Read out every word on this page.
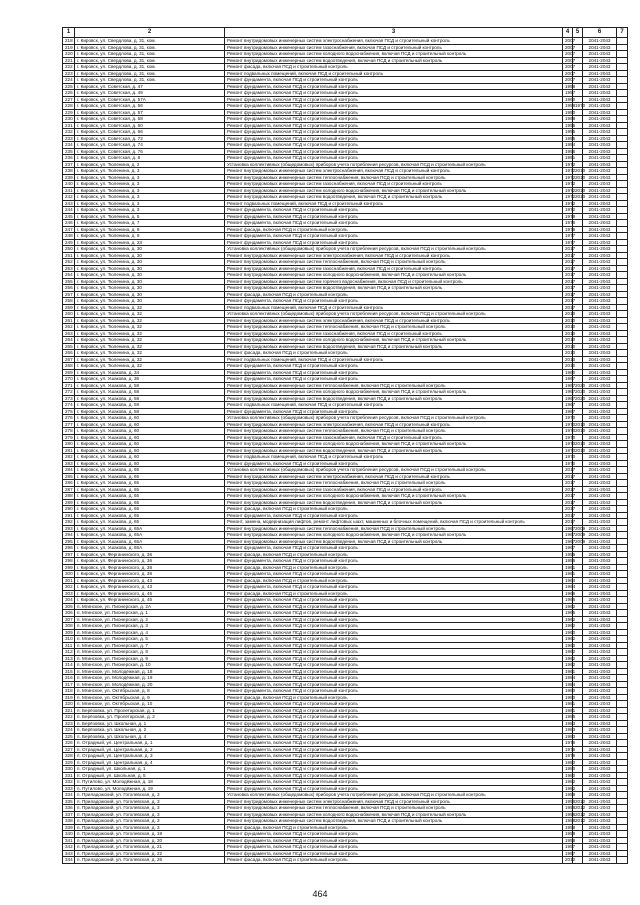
1	2	3	4	5	6	7
218	г. Кировск, ул. Свердлова, д. 31, ком.	Ремонт внутридомовых инженерных систем электроснабжения, включая ПСД и строительный контроль	2007		2041-2043	
219	г. Кировск, ул. Свердлова, д. 31, ком.	Ремонт внутридомовых инженерных систем газоснабжения, включая ПСД и строительный контроль	2007		2041-2043	
220	г. Кировск, ул. Свердлова, д. 31, ком.	Ремонт внутридомовых инженерных систем холодного водоснабжения, включая ПСД и строительный контроль	2007		2041-2043	
221	г. Кировск, ул. Свердлова, д. 31, ком.	Ремонт внутридомовых инженерных систем водоотведения, включая ПСД и строительный контроль	2007		2041-2043	
222	г. Кировск, ул. Свердлова, д. 31, ком.	Ремонт фасада, включая ПСД и строительный контроль	2007		2041-2043	
223	г. Кировск, ул. Свердлова, д. 31, ком.	Ремонт подвальных помещений, включая ПСД и строительный контроль	2007		2041-2043	
224	г. Кировск, ул. Свердлова, д. 31, ком.	Ремонт фундамента, включая ПСД и строительный контроль	2007		2041-2043	
225	г. Кировск, ул. Советская, д. 47	Ремонт фундамента, включая ПСД и строительный контроль	1958		2041-2043	
226	г. Кировск, ул. Советская, д. 49	Ремонт фундамента, включая ПСД и строительный контроль	1957		2041-2043	
227	г. Кировск, ул. Советская, д. 57А	Ремонт фундамента, включая ПСД и строительный контроль	1960		2041-2043	
228	г. Кировск, ул. Советская, д. 56	Ремонт фундамента, включая ПСД и строительный контроль	1958	1970	2041-2043	
229	г. Кировск, ул. Советская, д. 57	Ремонт фундамента, включая ПСД и строительный контроль	1950		2041-2043	
230	г. Кировск, ул. Советская, д. 58	Ремонт фундамента, включая ПСД и строительный контроль	1968		2041-2043	
231	г. Кировск, ул. Советская, д. 60	Ремонт фундамента, включая ПСД и строительный контроль	1955		2041-2043	
232	г. Кировск, ул. Советская, д. 66	Ремонт фундамента, включая ПСД и строительный контроль	1955		2041-2043	
233	г. Кировск, ул. Советская, д. 72	Ремонт фундамента, включая ПСД и строительный контроль	1955		2041-2043	
234	г. Кировск, ул. Советская, д. 74	Ремонт фундамента, включая ПСД и строительный контроль	1954		2041-2043	
235	г. Кировск, ул. Советская, д. 76	Ремонт фундамента, включая ПСД и строительный контроль	1956		2041-2043	
236	г. Кировск, ул. Советская, д. 8	Ремонт фундамента, включая ПСД и строительный контроль	1951		2041-2043	
237	г. Кировск, ул. Тюленина, д. 2	Установка коллективных (общедомовых) приборов учета потребления ресурсов, включая ПСД и строительный контроль	1972		2041-2043	
238	г. Кировск, ул. Тюленина, д. 3	Ремонт внутридомовых инженерных систем электроснабжения, включая ПСД и строительный контроль	1972	2010	2041-2043	
239	г. Кировск, ул. Тюленина, д. 3	Ремонт внутридомовых инженерных систем теплоснабжения, включая ПСД и строительный контроль	1972	2010	2041-2043	
240	г. Кировск, ул. Тюленина, д. 3	Ремонт внутридомовых инженерных систем газоснабжения, включая ПСД и строительный контроль	1972		2041-2043	
241	г. Кировск, ул. Тюленина, д. 3	Ремонт внутридомовых инженерных систем холодного водоснабжения, включая ПСД и строительный контроль	1972	2010	2041-2043	
242	г. Кировск, ул. Тюленина, д. 3	Ремонт внутридомовых инженерных систем водоотведения, включая ПСД и строительный контроль	1972	2010	2041-2043	
243	г. Кировск, ул. Тюленина, д. 3	Ремонт подвальных помещений, включая ПСД и строительный контроль	1972		2041-2043	
244	г. Кировск, ул. Тюленина, д. 3	Ремонт фундамента, включая ПСД и строительный контроль	1972		2041-2043	
245	г. Кировск, ул. Тюленина, д. 5	Ремонт фундамента, включая ПСД и строительный контроль	1978		2041-2043	
246	г. Кировск, ул. Тюленина, д. 7	Ремонт фундамента, включая ПСД и строительный контроль	1976		2041-2043	
247	г. Кировск, ул. Тюленина, д. 9	Ремонт фасада, включая ПСД и строительный контроль	1976		2041-2043	
248	г. Кировск, ул. Тюленина, д. 9	Ремонт фундамента, включая ПСД и строительный контроль	1977		2041-2043	
249	г. Кировск, ул. Тюленина, д. 23	Ремонт фундамента, включая ПСД и строительный контроль	1977		2041-2043	
250	г. Кировск, ул. Тюленина, д. 30	Установка коллективных (общедомовых) приборов учета потребления ресурсов, включая ПСД и строительный контроль	2017		2041-2043	
251	г. Кировск, ул. Тюленина, д. 30	Ремонт внутридомовых инженерных систем электроснабжения, включая ПСД и строительный контроль	2017		2041-2043	
252	г. Кировск, ул. Тюленина, д. 30	Ремонт внутридомовых инженерных систем теплоснабжения, включая ПСД и строительный контроль	2017		2041-2043	
253	г. Кировск, ул. Тюленина, д. 30	Ремонт внутридомовых инженерных систем газоснабжения, включая ПСД и строительный контроль	2017		2041-2043	
254	г. Кировск, ул. Тюленина, д. 30	Ремонт внутридомовых инженерных систем холодного водоснабжения, включая ПСД и строительный контроль	2017		2041-2043	
255	г. Кировск, ул. Тюленина, д. 30	Ремонт внутридомовых инженерных систем горячего водоснабжения, включая ПСД и строительный контроль	2017		2041-2043	
256	г. Кировск, ул. Тюленина, д. 30	Ремонт внутридомовых инженерных систем водоотведения, включая ПСД и строительный контроль	2017		2041-2043	
257	г. Кировск, ул. Тюленина, д. 30	Ремонт фасада, включая ПСД и строительный контроль	2017		2041-2043	
258	г. Кировск, ул. Тюленина, д. 30	Ремонт фундамента, включая ПСД и строительный контроль	2017		2041-2043	
259	г. Кировск, ул. Тюленина, д. 32	Ремонт подвальных помещений, включая ПСД и строительный контроль	2017		2041-2043	
260	г. Кировск, ул. Тюленина, д. 32	Установка коллективных (общедомовых) приборов учета потребления ресурсов, включая ПСД и строительный контроль	2010		2041-2043	
261	г. Кировск, ул. Тюленина, д. 32	Ремонт внутридомовых инженерных систем электроснабжения, включая ПСД и строительный контроль	2010		2041-2043	
262	г. Кировск, ул. Тюленина, д. 32	Ремонт внутридомовых инженерных систем теплоснабжения, включая ПСД и строительный контроль	2010		2041-2043	
263	г. Кировск, ул. Тюленина, д. 32	Ремонт внутридомовых инженерных систем газоснабжения, включая ПСД и строительный контроль	2010		2041-2043	
264	г. Кировск, ул. Тюленина, д. 32	Ремонт внутридомовых инженерных систем холодного водоснабжения, включая ПСД и строительный контроль	2010		2041-2043	
265	г. Кировск, ул. Тюленина, д. 32	Ремонт внутридомовых инженерных систем водоотведения, включая ПСД и строительный контроль	2010		2041-2043	
266	г. Кировск, ул. Тюленина, д. 32	Ремонт фасада, включая ПСД и строительный контроль	2010		2041-2043	
267	г. Кировск, ул. Тюленина, д. 32	Ремонт подвальных помещений, включая ПСД и строительный контроль	2010		2041-2043	
268	г. Кировск, ул. Тюленина, д. 32	Ремонт фундамента, включая ПСД и строительный контроль	2010		2041-2043	
269	г. Кировск, ул. Ушакова, д. 34	Ремонт фундамента, включая ПСД и строительный контроль	1960		2041-2043	
270	г. Кировск, ул. Ушакова, д. 36	Ремонт фундамента, включая ПСД и строительный контроль	1967		2041-2043	
271	г. Кировск, ул. Ушакова, д. 58	Ремонт внутридомовых инженерных систем теплоснабжения, включая ПСД и строительный контроль	1967	2020	2041-2043	
272	г. Кировск, ул. Ушакова, д. 58	Ремонт внутридомовых инженерных систем холодного водоснабжения, включая ПСД и строительный контроль	1967	2020	2041-2043	
273	г. Кировск, ул. Ушакова, д. 58	Ремонт внутридомовых инженерных систем водоотведения, включая ПСД и строительный контроль	1967	2020	2041-2043	
274	г. Кировск, ул. Ушакова, д. 58	Ремонт подвальных помещений, включая ПСД и строительный контроль	1967		2041-2043	
275	г. Кировск, ул. Ушакова, д. 58	Ремонт фундамента, включая ПСД и строительный контроль	1967		2041-2043	
276	г. Кировск, ул. Ушакова, д. 60	Установка коллективных (общедомовых) приборов учета потребления ресурсов, включая ПСД и строительный контроль	1970		2041-2043	
277	г. Кировск, ул. Ушакова, д. 60	Ремонт внутридомовых инженерных систем электроснабжения, включая ПСД и строительный контроль	1970	2010	2041-2043	
278	г. Кировск, ул. Ушакова, д. 60	Ремонт внутридомовых инженерных систем теплоснабжения, включая ПСД и строительный контроль	1970	2010	2041-2043	
279	г. Кировск, ул. Ушакова, д. 60	Ремонт внутридомовых инженерных систем газоснабжения, включая ПСД и строительный контроль	1970		2041-2043	
280	г. Кировск, ул. Ушакова, д. 60	Ремонт внутридомовых инженерных систем холодного водоснабжения, включая ПСД и строительный контроль	1970	2010	2041-2043	
281	г. Кировск, ул. Ушакова, д. 60	Ремонт внутридомовых инженерных систем водоотведения, включая ПСД и строительный контроль	1970	2010	2041-2043	
282	г. Кировск, ул. Ушакова, д. 60	Ремонт подвальных помещений, включая ПСД и строительный контроль	1970		2041-2043	
283	г. Кировск, ул. Ушакова, д. 60	Ремонт фундамента, включая ПСД и строительный контроль	1970		2041-2043	
284	г. Кировск, ул. Ушакова, д. 65	Установка коллективных (общедомовых) приборов учета потребления ресурсов, включая ПСД и строительный контроль	2017		2041-2043	
285	г. Кировск, ул. Ушакова, д. 65	Ремонт внутридомовых инженерных систем электроснабжения, включая ПСД и строительный контроль	2017		2041-2043	
286	г. Кировск, ул. Ушакова, д. 65	Ремонт внутридомовых инженерных систем теплоснабжения, включая ПСД и строительный контроль	2017		2041-2043	
287	г. Кировск, ул. Ушакова, д. 65	Ремонт внутридомовых инженерных систем газоснабжения, включая ПСД и строительный контроль	2017		2041-2043	
288	г. Кировск, ул. Ушакова, д. 65	Ремонт внутридомовых инженерных систем холодного водоснабжения, включая ПСД и строительный контроль	2017		2041-2043	
289	г. Кировск, ул. Ушакова, д. 65	Ремонт внутридомовых инженерных систем водоотведения, включая ПСД и строительный контроль	2017		2041-2043	
290	г. Кировск, ул. Ушакова, д. 65	Ремонт фасада, включая ПСД и строительный контроль	2017		2041-2043	
291	г. Кировск, ул. Ушакова, д. 65	Ремонт фундамента, включая ПСД и строительный контроль	2017		2041-2043	
292	г. Кировск, ул. Ушакова, д. 65	Ремонт, замена, модернизация лифтов, ремонт лифтовых шахт, машинных и блочных помещений, включая ПСД и строительный контроль	2017		2041-2043	
293	г. Кировск, ул. Ушакова, д. 65А	Ремонт внутридомовых инженерных систем теплоснабжения, включая ПСД и строительный контроль	1967	2009	2041-2043	
294	г. Кировск, ул. Ушакова, д. 65А	Ремонт внутридомовых инженерных систем холодного водоснабжения, включая ПСД и строительный контроль	1967	2009	2041-2043	
295	г. Кировск, ул. Ушакова, д. 65А	Ремонт внутридомовых инженерных систем водоотведения, включая ПСД и строительный контроль	1967	2009	2041-2043	
296	г. Кировск, ул. Ушакова, д. 65А	Ремонт фундамента, включая ПСД и строительный контроль	1967		2041-2043	
297	г. Кировск, ул. Ферганинского, д. 36	Ремонт фасада, включая ПСД и строительный контроль	1956		2041-2043	
298	г. Кировск, ул. Ферганинского, д. 36	Ремонт фундамента, включая ПСД и строительный контроль	1956		2041-2043	
299	г. Кировск, ул. Ферганинского, д. 38	Ремонт фасада, включая ПСД и строительный контроль	1961		2041-2043	
300	г. Кировск, ул. Ферганинского, д. 38	Ремонт фундамента, включая ПСД и строительный контроль	1961		2041-2043	
301	г. Кировск, ул. Ферганинского, д. 43	Ремонт фасада, включая ПСД и строительный контроль	1964		2041-2043	
302	г. Кировск, ул. Ферганинского, д. 43	Ремонт фундамента, включая ПСД и строительный контроль	1964		2041-2043	
303	г. Кировск, ул. Ферганинского, д. 45	Ремонт фасада, включая ПСД и строительный контроль	1966		2041-2043	
304	г. Кировск, ул. Ферганинского, д. 45	Ремонт фундамента, включая ПСД и строительный контроль	1966		2041-2043	
305	п. Мгинское, ул. Пионерская, д. 2А	Ремонт фундамента, включая ПСД и строительный контроль	1962		2041-2043	
306	п. Мгинское, ул. Пионерская, д. 1	Ремонт фундамента, включая ПСД и строительный контроль	1965		2041-2043	
307	п. Мгинское, ул. Пионерская, д. 2	Ремонт фундамента, включая ПСД и строительный контроль	1962		2041-2043	
308	п. Мгинское, ул. Пионерская, д. 3	Ремонт фундамента, включая ПСД и строительный контроль	1962		2041-2043	
309	п. Мгинское, ул. Пионерская, д. 4	Ремонт фундамента, включая ПСД и строительный контроль	1960		2041-2043	
310	п. Мгинское, ул. Пионерская, д. 5	Ремонт фундамента, включая ПСД и строительный контроль	1962		2041-2043	
311	п. Мгинское, ул. Пионерская, д. 7	Ремонт фундамента, включая ПСД и строительный контроль	1960		2041-2043	
312	п. Мгинское, ул. Пионерская, д. 8	Ремонт фундамента, включая ПСД и строительный контроль	1962		2041-2043	
313	п. Мгинское, ул. Пионерская, д. 9	Ремонт фундамента, включая ПСД и строительный контроль	1962		2041-2043	
314	п. Мгинское, ул. Пионерская, д. 10	Ремонт фундамента, включая ПСД и строительный контроль	1962		2041-2043	
315	п. Мгинское, ул. Молодёжная, д. 18	Ремонт фундамента, включая ПСД и строительный контроль	1961		2041-2043	
316	п. Мгинское, ул. Молодёжная, д. 19	Ремонт фундамента, включая ПСД и строительный контроль	1984		2041-2043	
317	п. Мгинское, ул. Молодёжная, д. 20	Ремонт фундамента, включая ПСД и строительный контроль	1984		2041-2043	
318	п. Мгинское, ул. Октябрьская, д. 8	Ремонт фундамента, включая ПСД и строительный контроль	1980		2041-2043	
319	п. Мгинское, ул. Октябрьская, д. 9	Ремонт фасада, включая ПСД и строительный контроль	1980		2041-2043	
320	п. Мгинское, ул. Октябрьская, д. 10	Ремонт фундамента, включая ПСД и строительный контроль	1981		2041-2043	
321	п. Берёзовка, ул. Пролетарская, д. 1	Ремонт фундамента, включая ПСД и строительный контроль	1981		2041-2043	
322	п. Берёзовка, ул. Пролетарская, д. 2	Ремонт фундамента, включая ПСД и строительный контроль	1985		2041-2043	
323	п. Берёзовка, ул. Школьная, д. 1	Ремонт фундамента, включая ПСД и строительный контроль	1983		2041-2043	
324	п. Берёзовка, ул. Школьная, д. 2	Ремонт фундамента, включая ПСД и строительный контроль	1983		2041-2043	
325	п. Берёзовка, ул. Школьная, д. 4	Ремонт фундамента, включая ПСД и строительный контроль	1983		2041-2043	
326	п. Отрадный, ул. Центральная, д. 1	Ремонт фундамента, включая ПСД и строительный контроль	1976		2041-2043	
327	п. Отрадный, ул. Центральная, д. 2	Ремонт фундамента, включая ПСД и строительный контроль	1976		2041-2043	
328	п. Отрадный, ул. Центральная, д. 3	Ремонт фундамента, включая ПСД и строительный контроль	1979		2041-2043	
329	п. Отрадный, ул. Центральная, д. 4	Ремонт фундамента, включая ПСД и строительный контроль	1980		2041-2043	
330	п. Отрадный, ул. Школьная, д. 1	Ремонт фундамента, включая ПСД и строительный контроль	1980		2041-2043	
331	п. Отрадный, ул. Школьная, д. 5	Ремонт фундамента, включая ПСД и строительный контроль	1980		2041-2043	
332	п. Путилово, ул. Молодёжная, д. 18	Ремонт фундамента, включая ПСД и строительный контроль	1982		2041-2043	
333	п. Путилово, ул. Молодёжная, д. 19	Ремонт фундамента, включая ПСД и строительный контроль	1982		2041-2043	
334	п. Приладожский, ул. Гоголевская, д. 3	Установка коллективных (общедомовых) приборов учета потребления ресурсов, включая ПСД и строительный контроль	1958		2041-2043	
335	п. Приладожский, ул. Гоголевская, д. 3	Ремонт внутридомовых инженерных систем электроснабжения, включая ПСД и строительный контроль	1958	2012	2041-2043	
336	п. Приладожский, ул. Гоголевская, д. 3	Ремонт внутридомовых инженерных систем теплоснабжения, включая ПСД и строительный контроль	1958	2012	2041-2043	
337	п. Приладожский, ул. Гоголевская, д. 3	Ремонт внутридомовых инженерных систем холодного водоснабжения, включая ПСД и строительный контроль	1958	2012	2041-2043	
338	п. Приладожский, ул. Гоголевская, д. 3	Ремонт внутридомовых инженерных систем водоотведения, включая ПСД и строительный контроль	1958	2012	2041-2043	
339	п. Приладожский, ул. Гоголевская, д. 3	Ремонт фасада, включая ПСД и строительный контроль	1958		2041-2043	
340	п. Приладожский, ул. Гоголевская, д. 19	Ремонт фундамента, включая ПСД и строительный контроль	1958		2041-2043	
341	п. Приладожский, ул. Гоголевская, д. 20	Ремонт фундамента, включая ПСД и строительный контроль	1958		2041-2043	
342	п. Приладожский, ул. Гоголевская, д. 21	Ремонт фундамента, включая ПСД и строительный контроль	1957		2041-2043	
343	п. Приладожский, ул. Гоголевская, д. 22	Ремонт фундамента, включая ПСД и строительный контроль	1957		2041-2043	
344	п. Приладожский, ул. Гоголевская, д. 26	Ремонт фасада, включая ПСД и строительный контроль	2012		2041-2043	
464
